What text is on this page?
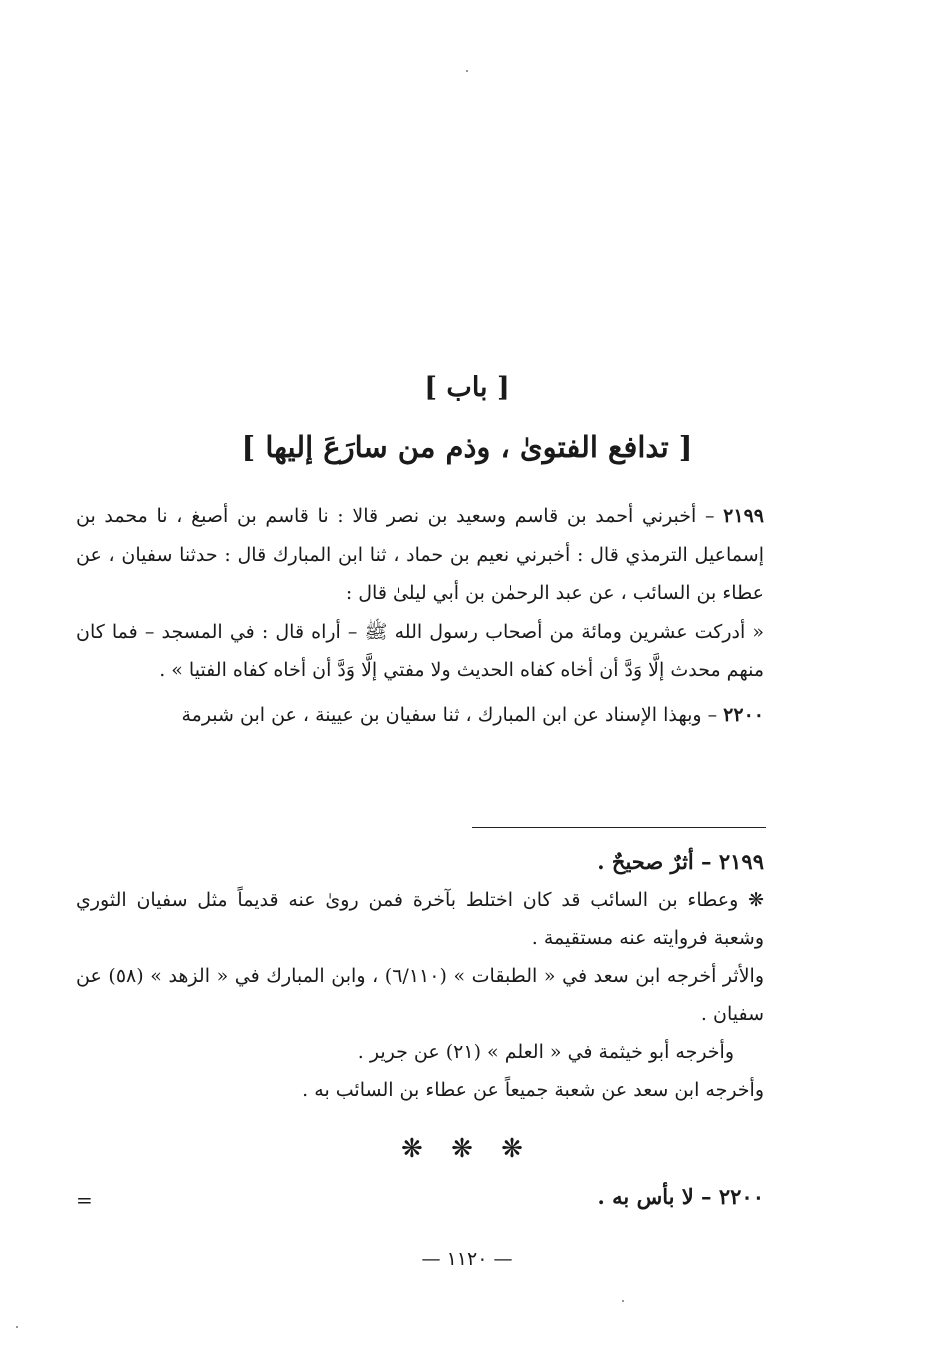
[ باب ]
[ تدافع الفتوىٰ ، وذم من سارَعَ إليها ]

٢١٩٩ – أخبرني أحمد بن قاسم وسعيد بن نصر قالا : نا قاسم بن أصبغ ، نا محمد بن إسماعيل الترمذي قال : أخبرني نعيم بن حماد ، ثنا ابن المبارك قال : حدثنا سفيان ، عن عطاء بن السائب ، عن عبد الرحمٰن بن أبي ليلىٰ قال :

« أدركت عشرين ومائة من أصحاب رسول الله ﷺ – أراه قال : في المسجد – فما كان منهم محدث إلَّا وَدَّ أن أخاه كفاه الحديث ولا مفتي إلَّا وَدَّ أن أخاه كفاه الفتيا » .

٢٢٠٠ – وبهذا الإسناد عن ابن المبارك ، ثنا سفيان بن عيينة ، عن ابن شبرمة

٢١٩٩ – أثرٌ صحيحٌ .
❋ وعطاء بن السائب قد كان اختلط بآخرة فمن روىٰ عنه قديماً مثل سفيان الثوري وشعبة فروايته عنه مستقيمة .
والأثر أخرجه ابن سعد في « الطبقات » (٦/١١٠) ، وابن المبارك في « الزهد » (٥٨) عن سفيان .
وأخرجه أبو خيثمة في « العلم » (٢١) عن جرير .
وأخرجه ابن سعد عن شعبة جميعاً عن عطاء بن السائب به .
❋ ❋ ❋
٢٢٠٠ – لا بأس به .
=
— ١١٢٠ —
